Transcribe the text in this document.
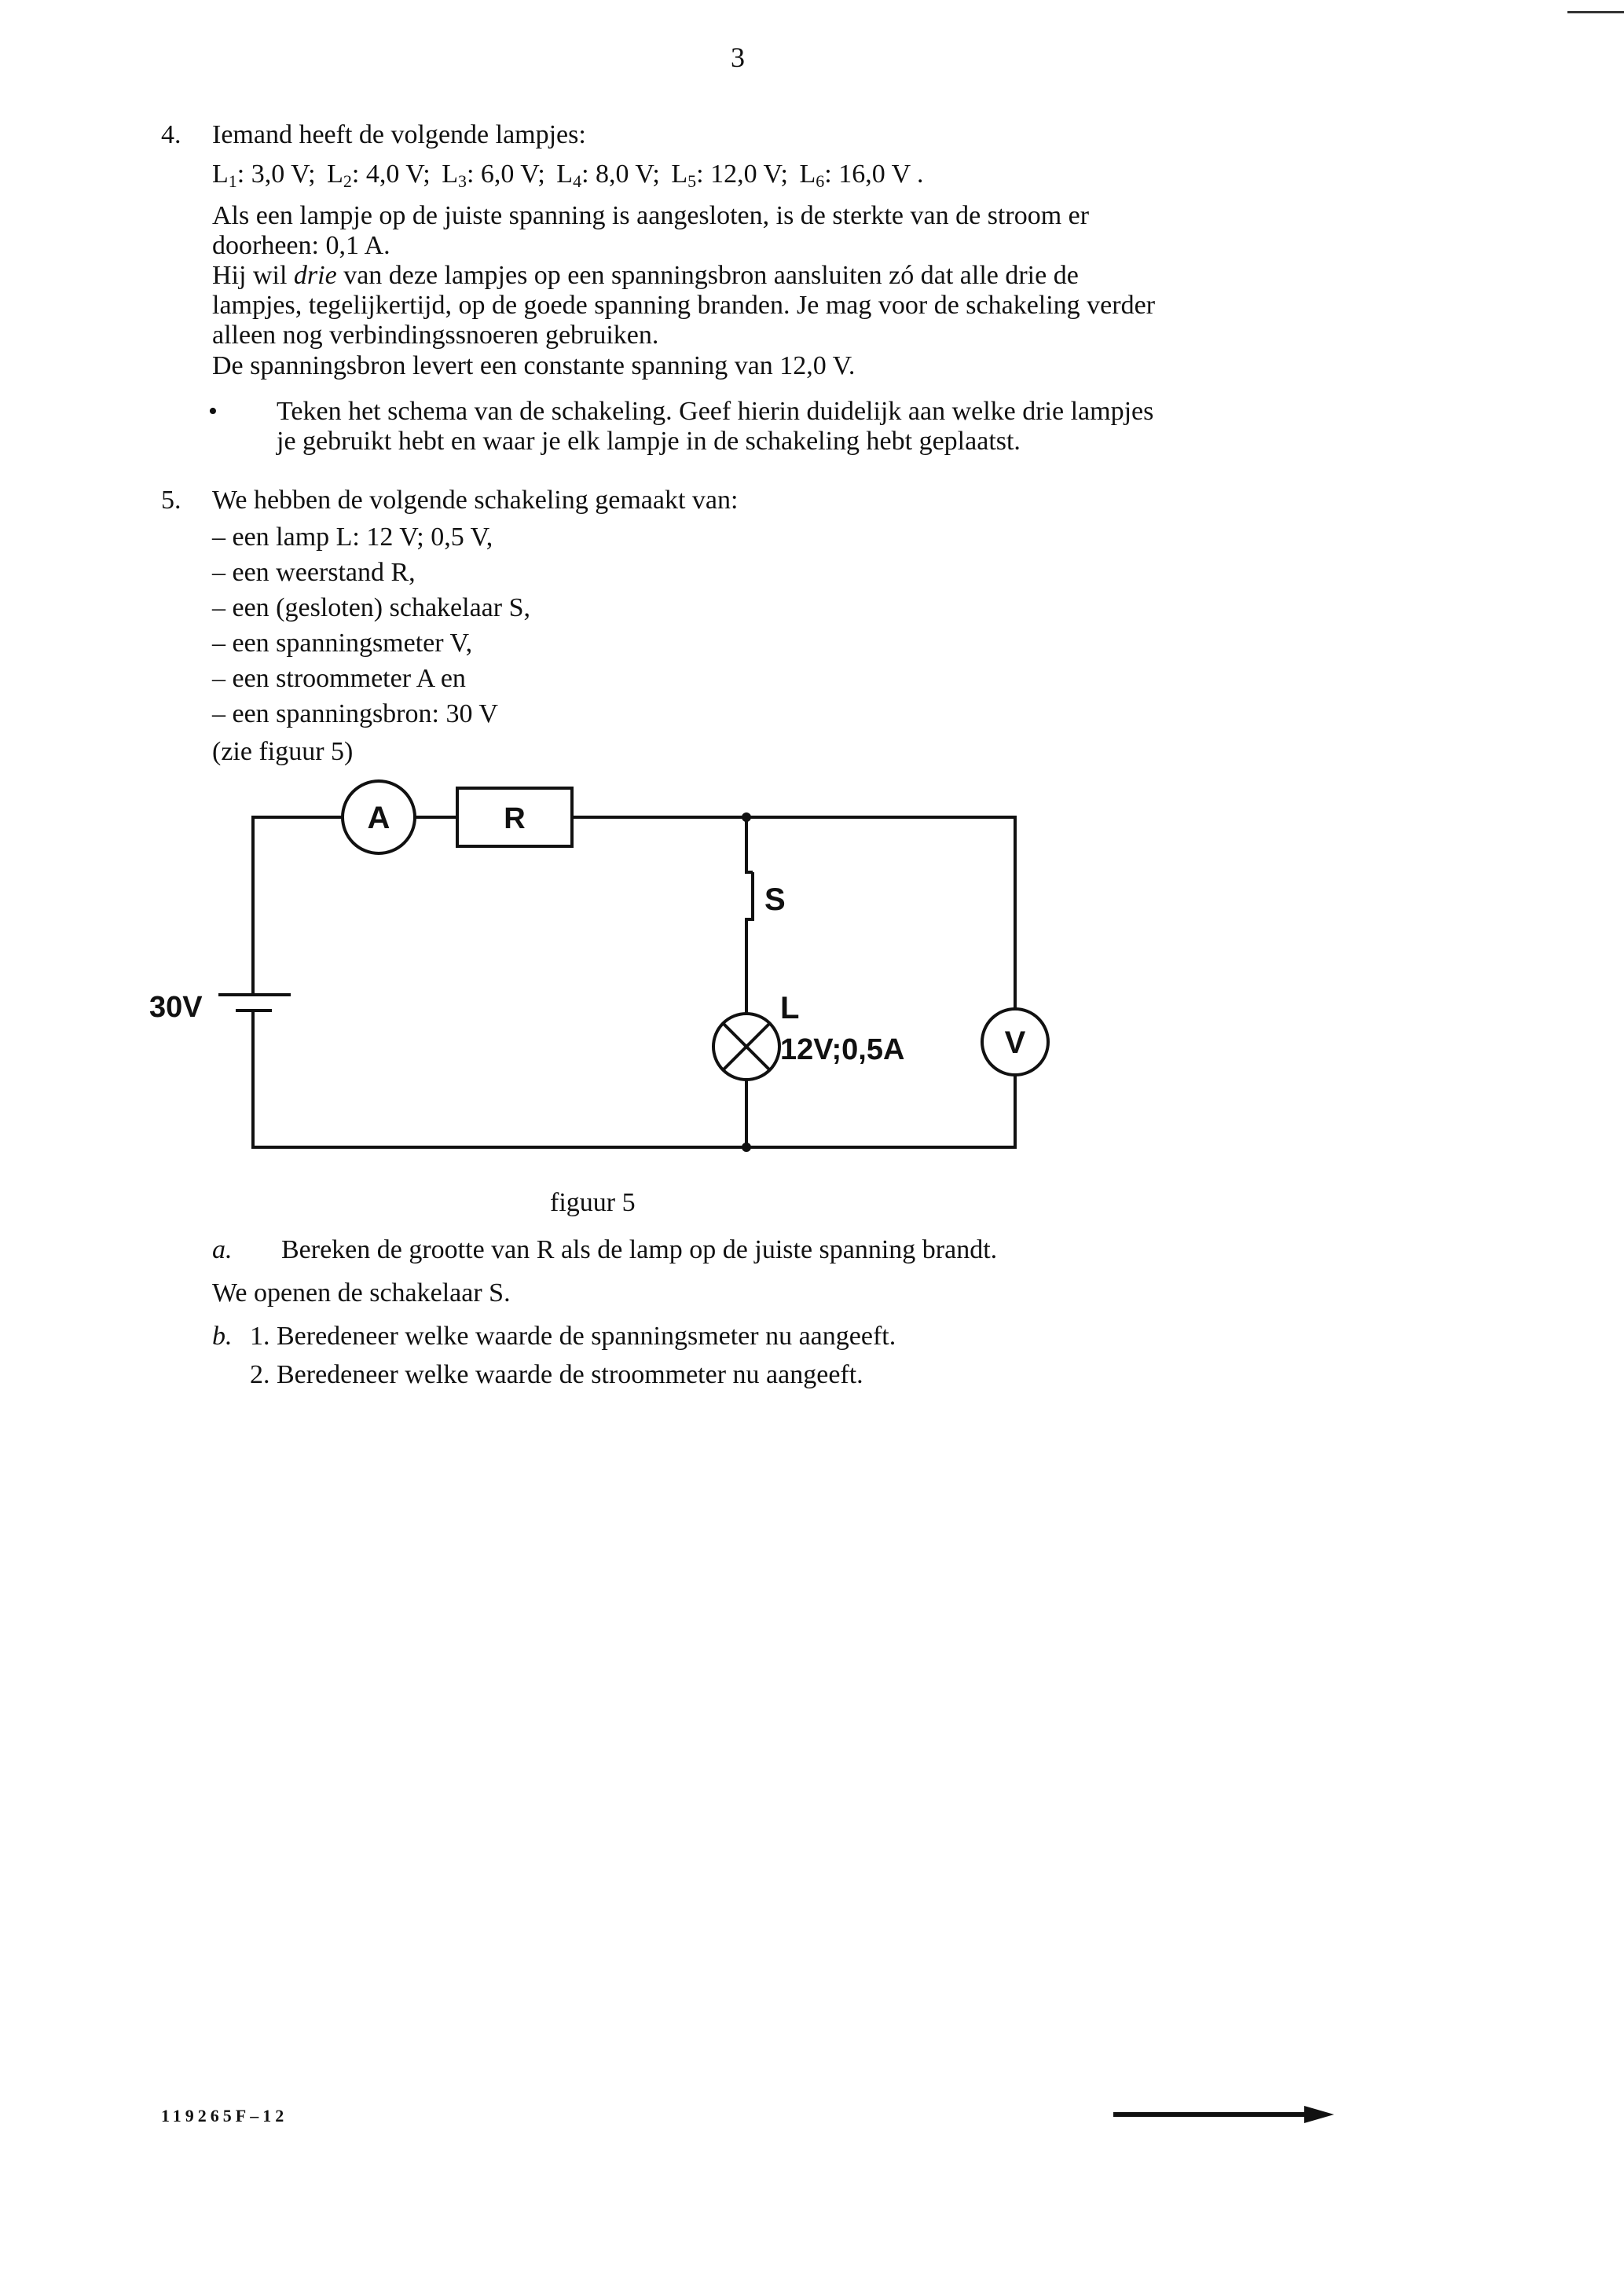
3
4. Iemand heeft de volgende lampjes:
$L_1$: 3,0 V; $L_2$: 4,0 V; $L_3$: 6,0 V; $L_4$: 8,0 V; $L_5$: 12,0 V; $L_6$: 16,0 V .
Als een lampje op de juiste spanning is aangesloten, is de sterkte van de stroom er
doorheen: 0,1 A.
Hij wil drie van deze lampjes op een spanningsbron aansluiten zó dat alle drie de
lampjes, tegelijkertijd, op de goede spanning branden. Je mag voor de schakeling verder
alleen nog verbindingssnoeren gebruiken.
De spanningsbron levert een constante spanning van 12,0 V.
• Teken het schema van de schakeling. Geef hierin duidelijk aan welke drie lampjes
je gebruikt hebt en waar je elk lampje in de schakeling hebt geplaatst.
5. We hebben de volgende schakeling gemaakt van:
– een lamp L: 12 V; 0,5 V,
– een weerstand R,
– een (gesloten) schakelaar S,
– een spanningsmeter V,
– een stroommeter A en
– een spanningsbron: 30 V
(zie figuur 5)
A	R
S
30V	L
12V;0,5A	V
figuur 5
a. Bereken de grootte van R als de lamp op de juiste spanning brandt.
We openen de schakelaar S.
b. 1. Beredeneer welke waarde de spanningsmeter nu aangeeft.
2. Beredeneer welke waarde de stroommeter nu aangeeft.
119265F–12
